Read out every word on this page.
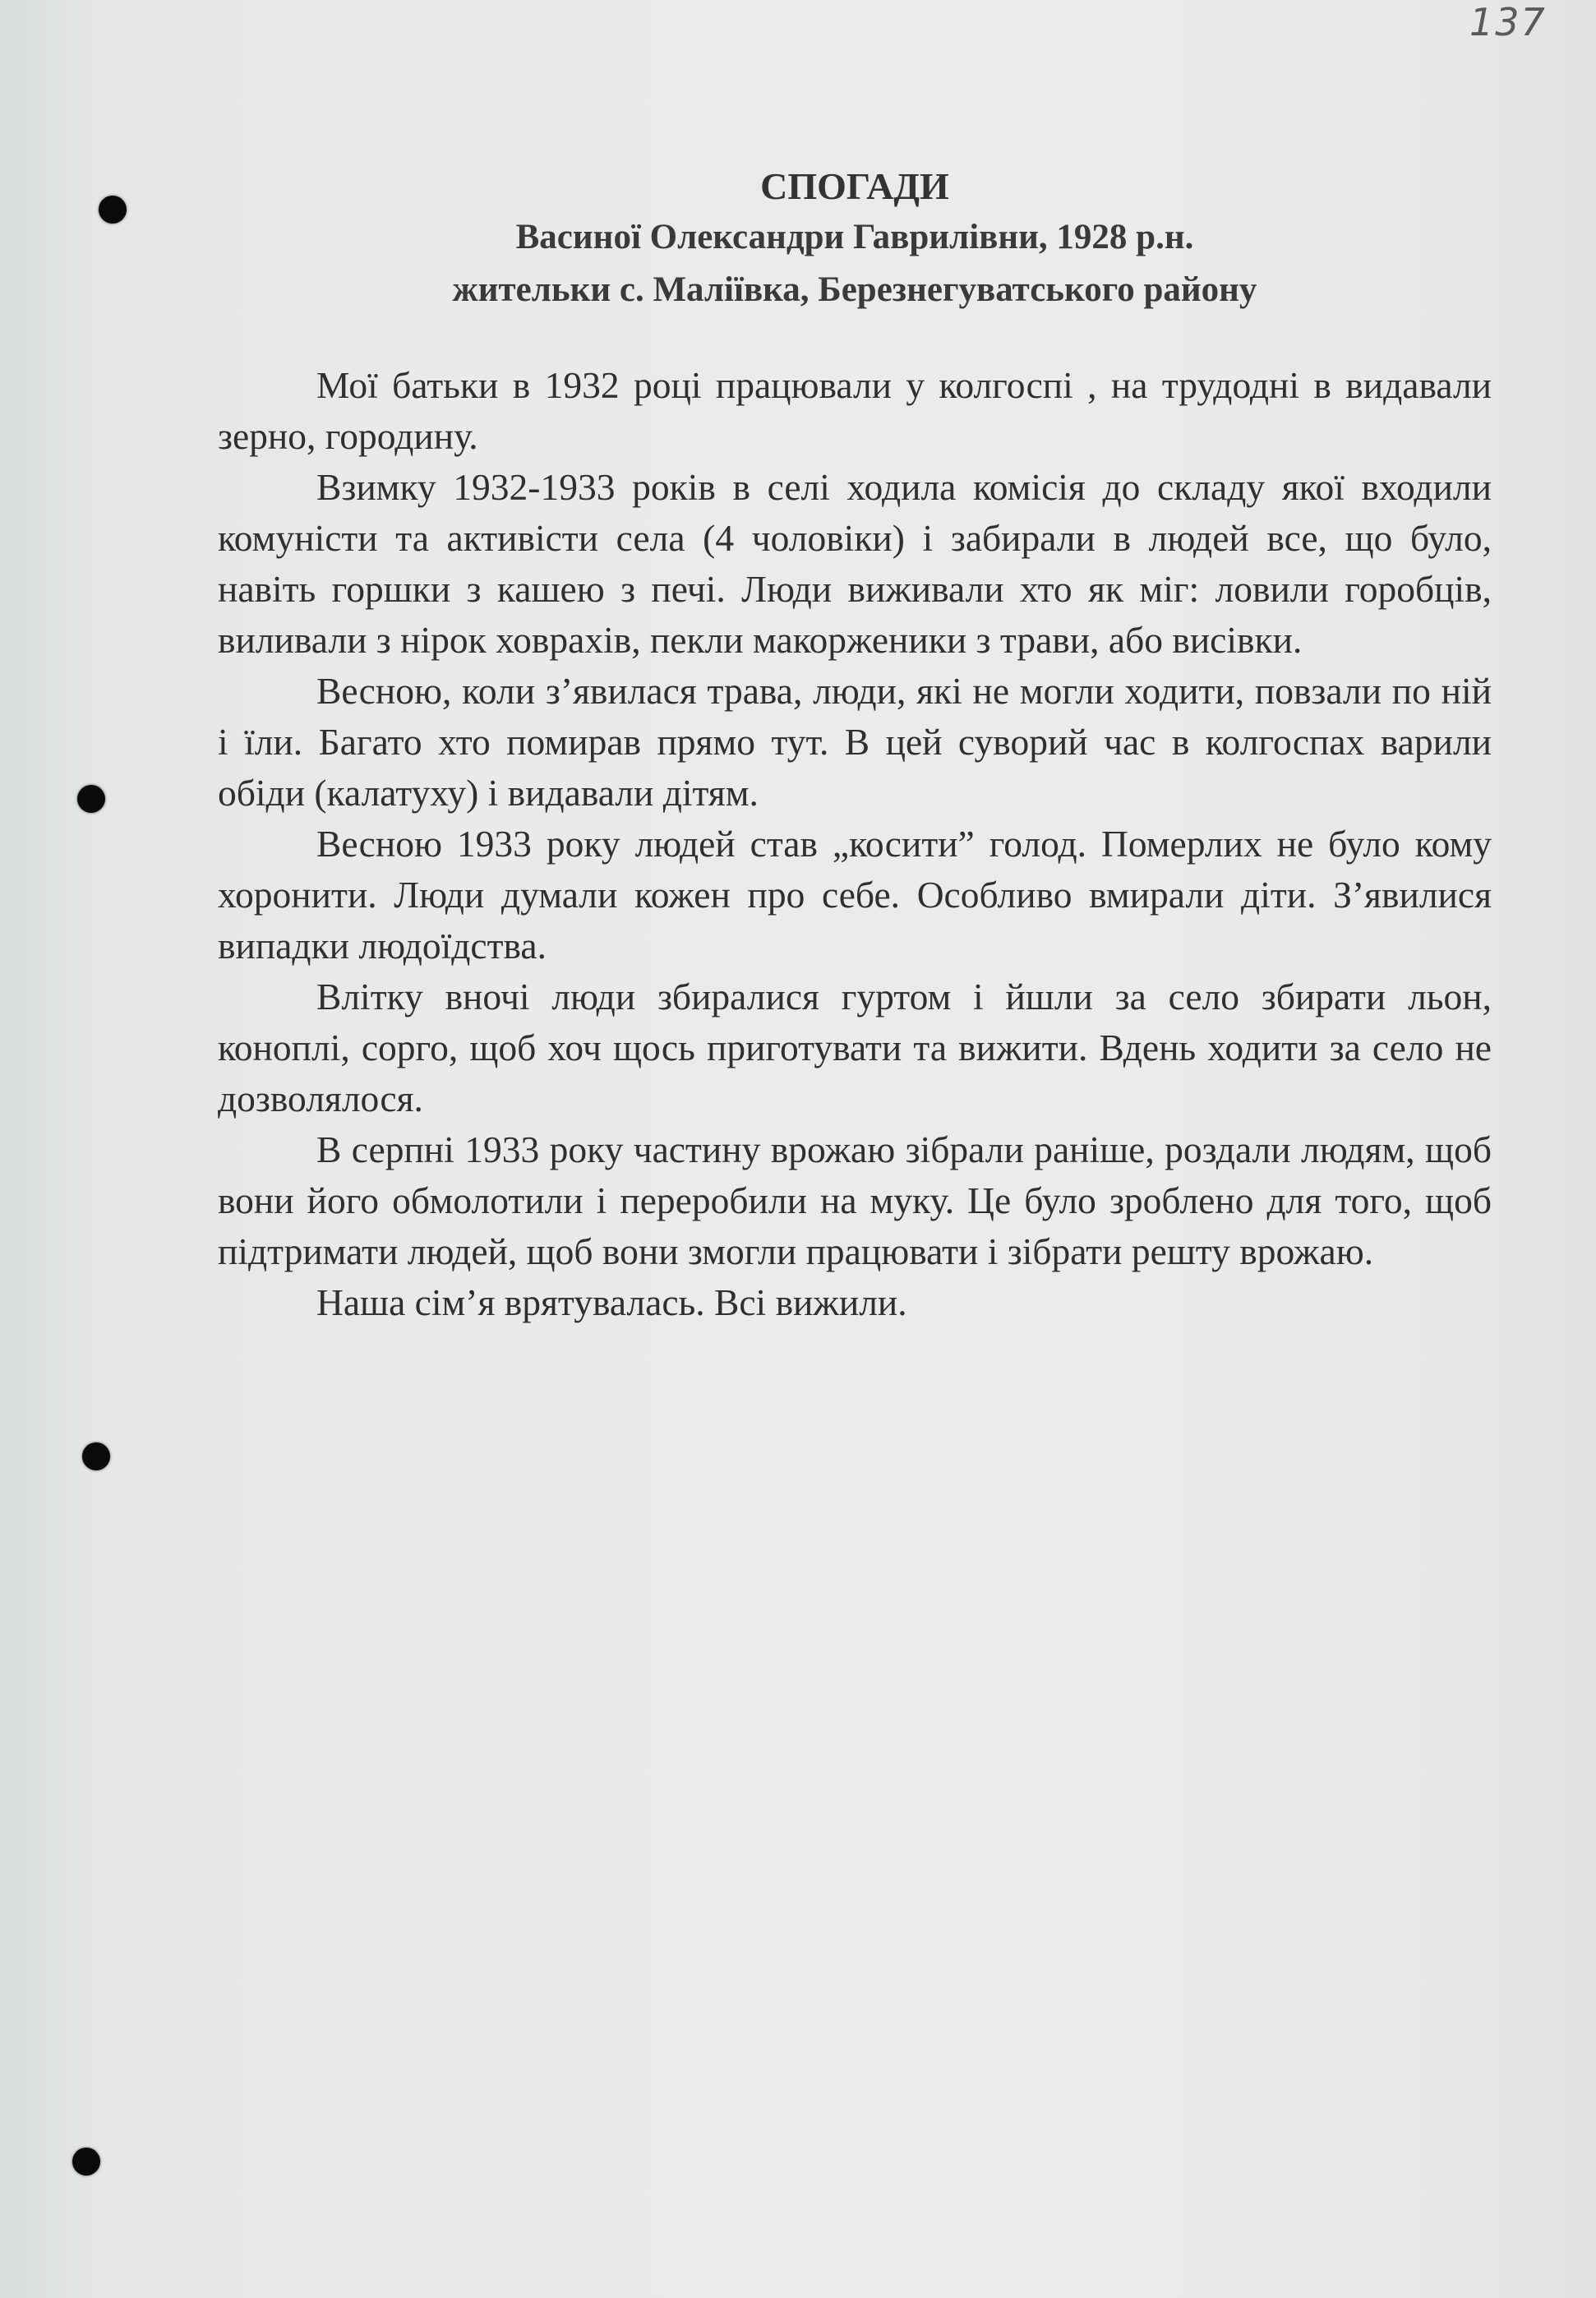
137
СПОГАДИ
Васиної Олександри Гаврилівни, 1928 р.н.
жительки с. Маліївка, Березнегуватського району

Мої батьки в 1932 році працювали у колгоспі , на трудодні в видавали зерно, городину.

Взимку 1932-1933 років в селі ходила комісія до складу якої входили комуністи та активісти села (4 чоловіки) і забирали в людей все, що було, навіть горшки з кашею з печі. Люди виживали хто як міг: ловили горобців, виливали з нірок ховрахів, пекли макорженики з трави, або висівки.

Весною, коли з’явилася трава, люди, які не могли ходити, повзали по ній і їли. Багато хто помирав прямо тут. В цей суворий час в колгоспах варили обіди (калатуху) і видавали дітям.

Весною 1933 року людей став „косити” голод. Померлих не було кому хоронити. Люди думали кожен про себе. Особливо вмирали діти. З’явилися випадки людоїдства.

Влітку вночі люди збиралися гуртом і йшли за село збирати льон, коноплі, сорго, щоб хоч щось приготувати та вижити. Вдень ходити за село не дозволялося.

В серпні 1933 року частину врожаю зібрали раніше, роздали людям, щоб вони його обмолотили і переробили на муку. Це було зроблено для того, щоб підтримати людей, щоб вони змогли працювати і зібрати решту врожаю.

Наша сім’я врятувалась. Всі вижили.
